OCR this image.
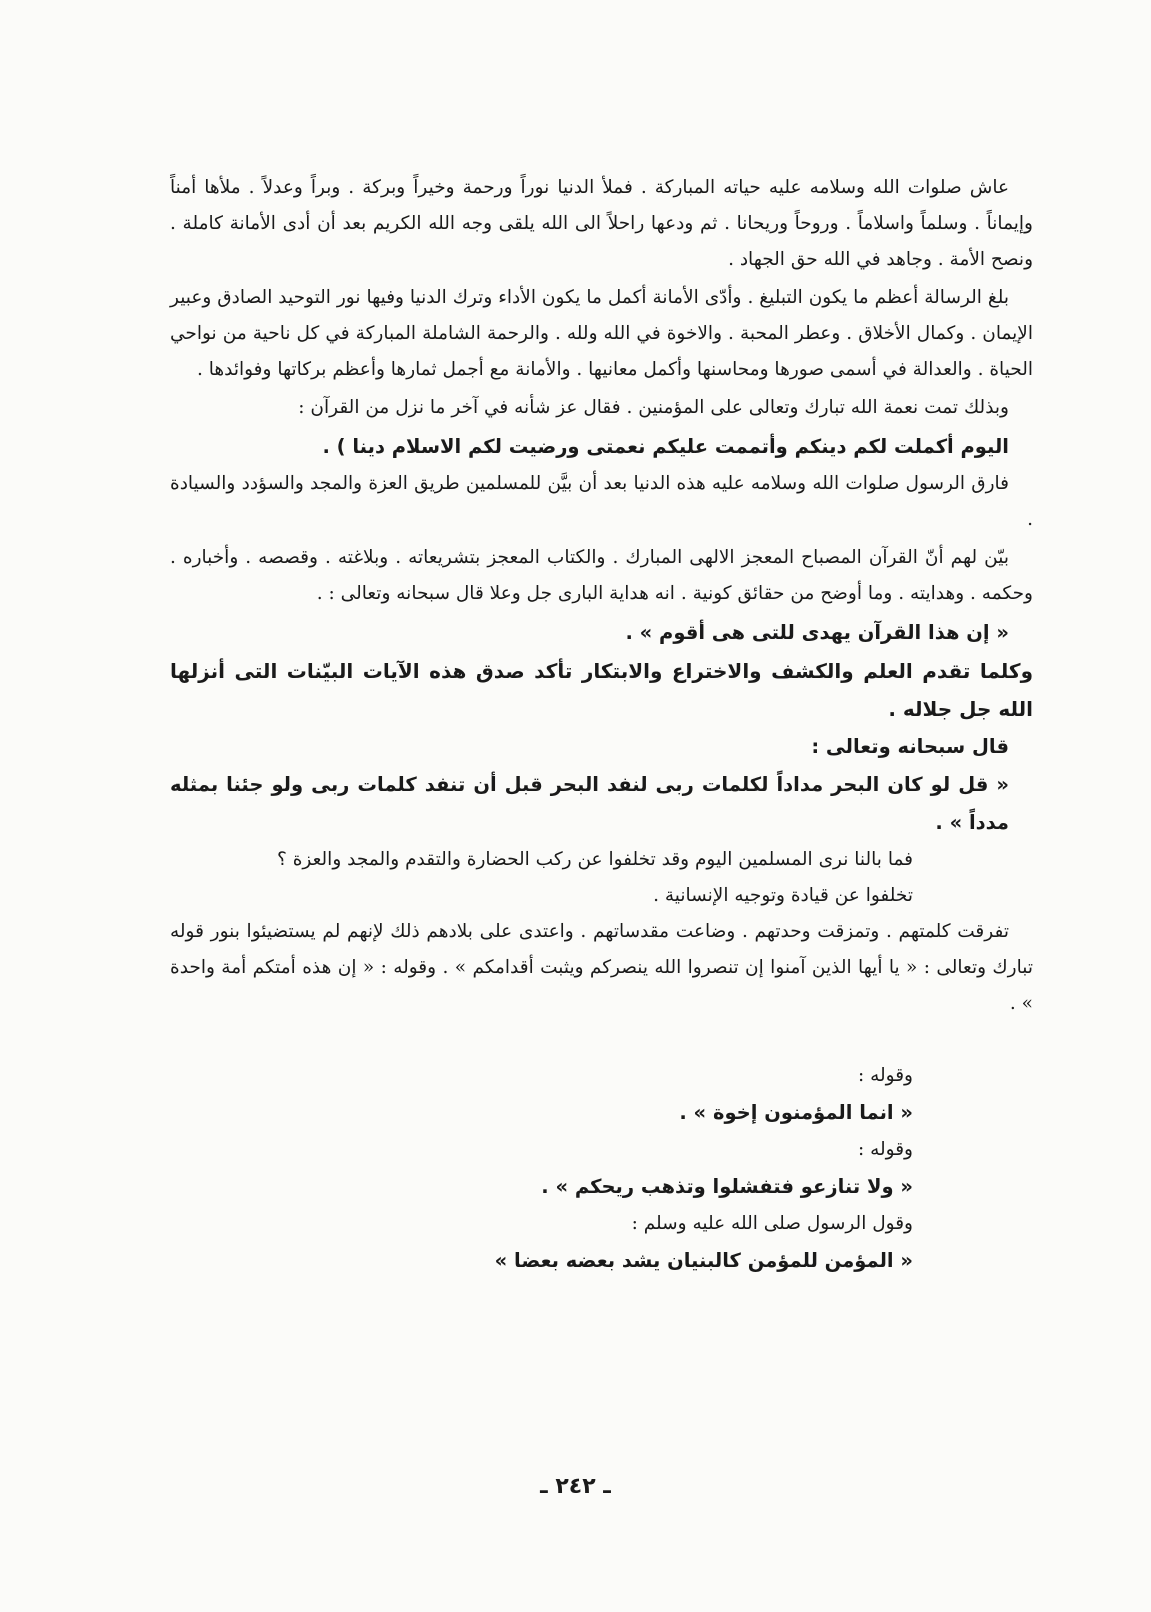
عاش صلوات الله وسلامه عليه حياته المباركة . فملأ الدنيا نوراً ورحمة وخيراً وبركة . وبراً وعدلاً . ملأها أمناً وإيماناً . وسلماً واسلاماً . وروحاً وريحانا . ثم ودعها راحلاً الى الله يلقى وجه الله الكريم بعد أن أدى الأمانة كاملة . ونصح الأمة . وجاهد في الله حق الجهاد .

بلغ الرسالة أعظم ما يكون التبليغ . وأدّى الأمانة أكمل ما يكون الأداء وترك الدنيا وفيها نور التوحيد الصادق وعبير الإيمان . وكمال الأخلاق . وعطر المحبة . والاخوة في الله ولله . والرحمة الشاملة المباركة في كل ناحية من نواحي الحياة . والعدالة في أسمى صورها ومحاسنها وأكمل معانيها . والأمانة مع أجمل ثمارها وأعظم بركاتها وفوائدها .

وبذلك تمت نعمة الله تبارك وتعالى على المؤمنين . فقال عز شأنه في آخر ما نزل من القرآن :

اليوم أكملت لكم دينكم وأتممت عليكم نعمتى ورضيت لكم الاسلام دينا ) .

فارق الرسول صلوات الله وسلامه عليه هذه الدنيا بعد أن بيَّن للمسلمين طريق العزة والمجد والسؤدد والسيادة .

بيّن لهم أنّ القرآن المصباح المعجز الالهى المبارك . والكتاب المعجز بتشريعاته . وبلاغته . وقصصه . وأخباره . وحكمه . وهدايته . وما أوضح من حقائق كونية . انه هداية البارى جل وعلا قال سبحانه وتعالى : .

« إن هذا القرآن يهدى للتى هى أقوم » .

وكلما تقدم العلم والكشف والاختراع والابتكار تأكد صدق هذه الآيات البيّنات التى أنزلها الله جل جلاله .

قال سبحانه وتعالى :

« قل لو كان البحر مداداً لكلمات ربى لنفد البحر قبل أن تنفد كلمات ربى ولو جئنا بمثله مدداً » .

فما بالنا نرى المسلمين اليوم وقد تخلفوا عن ركب الحضارة والتقدم والمجد والعزة ؟

تخلفوا عن قيادة وتوجيه الإنسانية .

تفرقت كلمتهم . وتمزقت وحدتهم . وضاعت مقدساتهم . واعتدى على بلادهم ذلك لإنهم لم يستضيئوا بنور قوله تبارك وتعالى : « يا أيها الذين آمنوا إن تنصروا الله ينصركم ويثبت أقدامكم » . وقوله : « إن هذه أمتكم أمة واحدة » .

وقوله :

« انما المؤمنون إخوة » .

وقوله :

« ولا تنازعو فتفشلوا وتذهب ريحكم » .

وقول الرسول صلى الله عليه وسلم :

« المؤمن للمؤمن كالبنيان يشد بعضه بعضا »

ـ ٢٤٢ ـ
